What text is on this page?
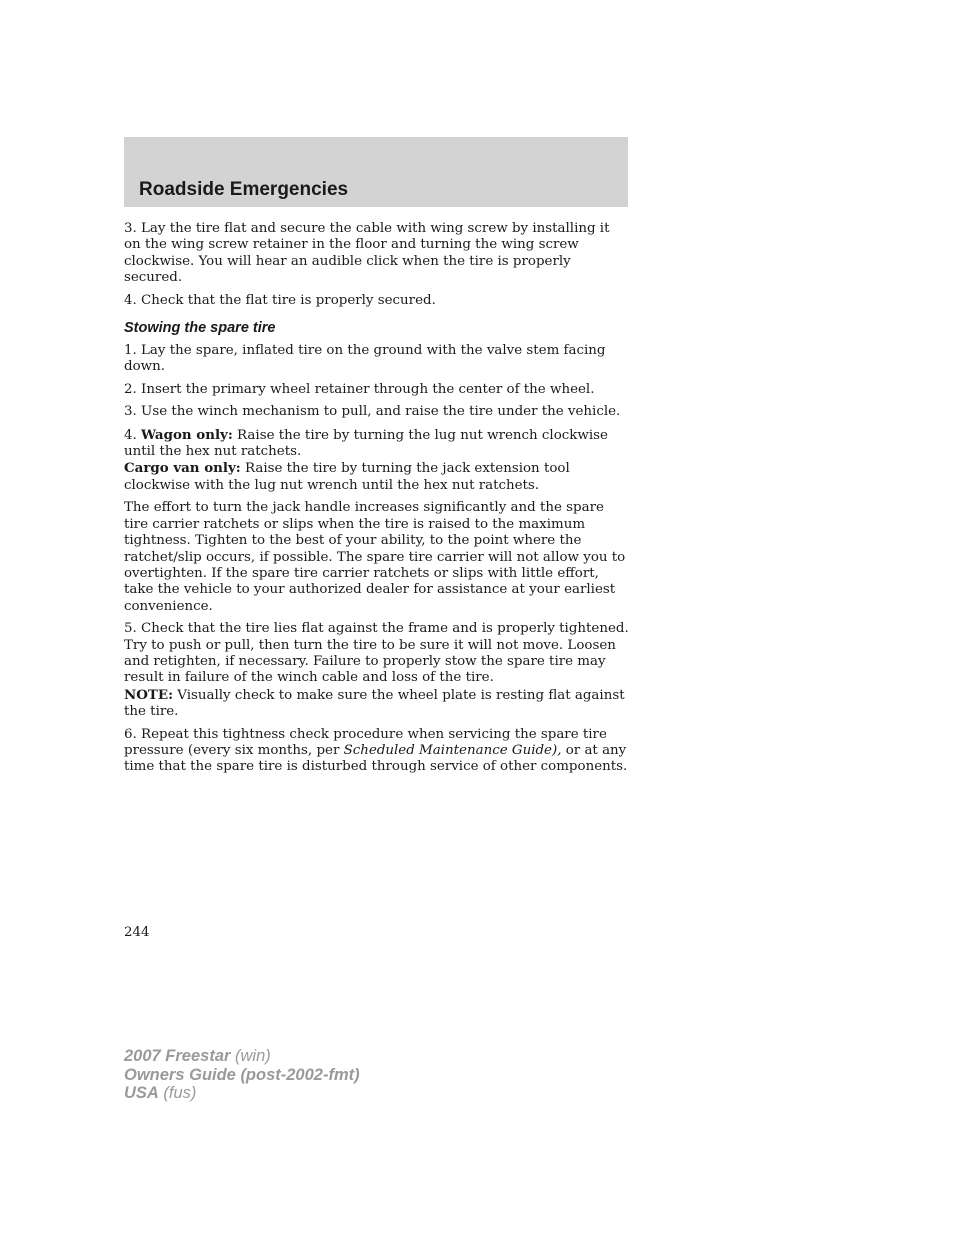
Roadside Emergencies

3. Lay the tire flat and secure the cable with wing screw by installing it on the wing screw retainer in the floor and turning the wing screw clockwise. You will hear an audible click when the tire is properly secured.

4. Check that the flat tire is properly secured.

Stowing the spare tire

1. Lay the spare, inflated tire on the ground with the valve stem facing down.

2. Insert the primary wheel retainer through the center of the wheel.

3. Use the winch mechanism to pull, and raise the tire under the vehicle.

4. Wagon only: Raise the tire by turning the lug nut wrench clockwise until the hex nut ratchets.

Cargo van only: Raise the tire by turning the jack extension tool clockwise with the lug nut wrench until the hex nut ratchets.

The effort to turn the jack handle increases significantly and the spare tire carrier ratchets or slips when the tire is raised to the maximum tightness. Tighten to the best of your ability, to the point where the ratchet/slip occurs, if possible. The spare tire carrier will not allow you to overtighten. If the spare tire carrier ratchets or slips with little effort, take the vehicle to your authorized dealer for assistance at your earliest convenience.

5. Check that the tire lies flat against the frame and is properly tightened. Try to push or pull, then turn the tire to be sure it will not move. Loosen and retighten, if necessary. Failure to properly stow the spare tire may result in failure of the winch cable and loss of the tire.

NOTE: Visually check to make sure the wheel plate is resting flat against the tire.

6. Repeat this tightness check procedure when servicing the spare tire pressure (every six months, per Scheduled Maintenance Guide), or at any time that the spare tire is disturbed through service of other components.

244
2007 Freestar (win)
Owners Guide (post-2002-fmt)
USA (fus)
